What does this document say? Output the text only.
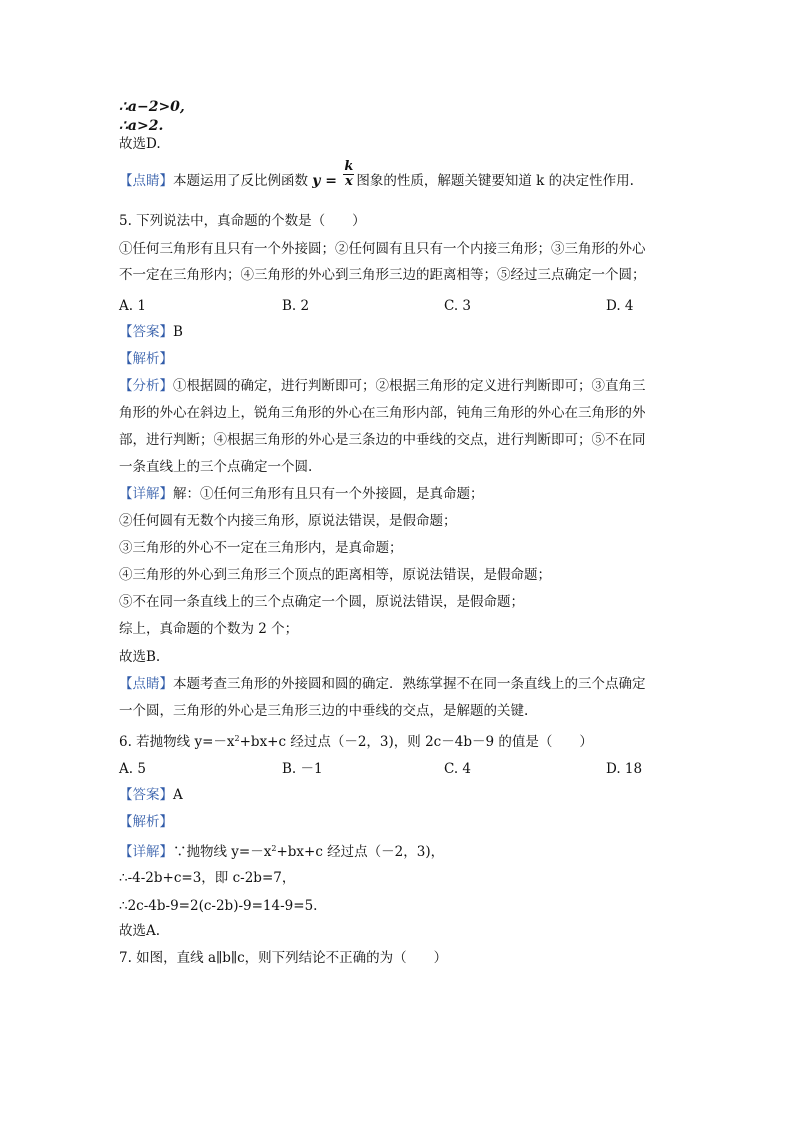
∴a−2>0,
∴a>2.
故选D.
【点睛】本题运用了反比例函数 $y = \frac{k}{x}$ 图象的性质，解题关键要知道 k 的决定性作用.
5. 下列说法中，真命题的个数是（　　）
①任何三角形有且只有一个外接圆；②任何圆有且只有一个内接三角形；③三角形的外心
不一定在三角形内；④三角形的外心到三角形三边的距离相等；⑤经过三点确定一个圆；
A. 1	B. 2	C. 3	D. 4
【答案】B
【解析】
【分析】①根据圆的确定，进行判断即可；②根据三角形的定义进行判断即可；③直角三
角形的外心在斜边上，锐角三角形的外心在三角形内部，钝角三角形的外心在三角形的外
部，进行判断；④根据三角形的外心是三条边的中垂线的交点，进行判断即可；⑤不在同
一条直线上的三个点确定一个圆.
【详解】解：①任何三角形有且只有一个外接圆，是真命题；
②任何圆有无数个内接三角形，原说法错误，是假命题；
③三角形的外心不一定在三角形内，是真命题；
④三角形的外心到三角形三个顶点的距离相等，原说法错误，是假命题；
⑤不在同一条直线上的三个点确定一个圆，原说法错误，是假命题；
综上，真命题的个数为 2 个；
故选B.
【点睛】本题考查三角形的外接圆和圆的确定．熟练掌握不在同一条直线上的三个点确定
一个圆，三角形的外心是三角形三边的中垂线的交点，是解题的关键.
6. 若抛物线 $y=-x^2+bx+c$ 经过点（－2，3)，则 2c－4b－9 的值是（　　）
A. 5	B. －1	C. 4	D. 18
【答案】A
【解析】
【详解】∵抛物线 $y=-x^2+bx+c$ 经过点（－2，3)，
∴-4-2b+c=3，即 c-2b=7，
∴2c-4b-9=2(c-2b)-9=14-9=5.
故选A.
7. 如图，直线 a∥b∥c，则下列结论不正确的为（　　）
